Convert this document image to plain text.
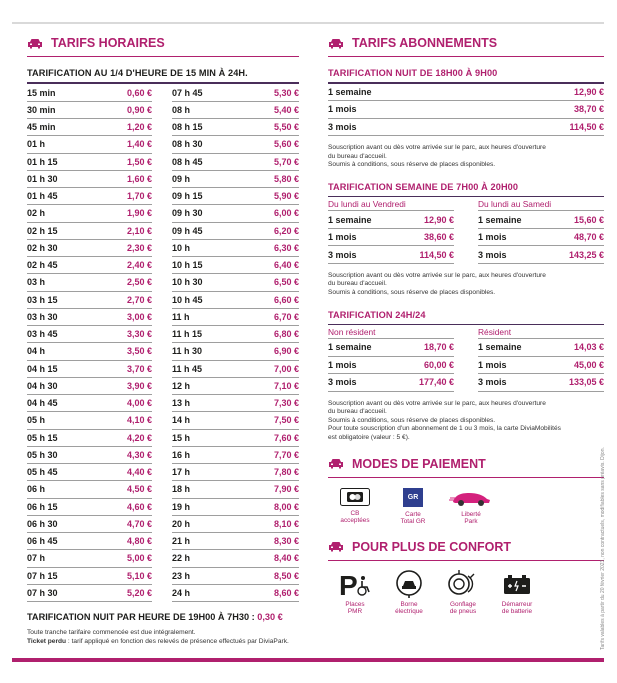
TARIFS HORAIRES
TARIFICATION AU 1/4 D'HEURE DE 15 MIN À 24H.
15 min	0,60 €
30 min	0,90 €
45 min	1,20 €
01 h	1,40 €
01 h 15	1,50 €
01 h 30	1,60 €
01 h 45	1,70 €
02 h	1,90 €
02 h 15	2,10 €
02 h 30	2,30 €
02 h 45	2,40 €
03 h	2,50 €
03 h 15	2,70 €
03 h 30	3,00 €
03 h 45	3,30 €
04 h	3,50 €
04 h 15	3,70 €
04 h 30	3,90 €
04 h 45	4,00 €
05 h	4,10 €
05 h 15	4,20 €
05 h 30	4,30 €
05 h 45	4,40 €
06 h	4,50 €
06 h 15	4,60 €
06 h 30	4,70 €
06 h 45	4,80 €
07 h	5,00 €
07 h 15	5,10 €
07 h 30	5,20 €
07 h 45	5,30 €
08 h	5,40 €
08 h 15	5,50 €
08 h 30	5,60 €
08 h 45	5,70 €
09 h	5,80 €
09 h 15	5,90 €
09 h 30	6,00 €
09 h 45	6,20 €
10 h	6,30 €
10 h 15	6,40 €
10 h 30	6,50 €
10 h 45	6,60 €
11 h	6,70 €
11 h 15	6,80 €
11 h 30	6,90 €
11 h 45	7,00 €
12 h	7,10 €
13 h	7,30 €
14 h	7,50 €
15 h	7,60 €
16 h	7,70 €
17 h	7,80 €
18 h	7,90 €
19 h	8,00 €
20 h	8,10 €
21 h	8,30 €
22 h	8,40 €
23 h	8,50 €
24 h	8,60 €
TARIFICATION NUIT PAR HEURE DE 19H00 À 7H30 : 0,30 €
Toute tranche tarifaire commencée est due intégralement.
Ticket perdu : tarif appliqué en fonction des relevés de présence effectués par DiviaPark.
TARIFS ABONNEMENTS
TARIFICATION NUIT DE 18H00 À 9H00
1 semaine	12,90 €
1 mois	38,70 €
3 mois	114,50 €
Souscription avant ou dès votre arrivée sur le parc, aux heures d'ouverture
du bureau d'accueil.
Soumis à conditions, sous réserve de places disponibles.
TARIFICATION SEMAINE DE 7H00 À 20H00
Du lundi au Vendredi
1 semaine	12,90 €
1 mois	38,60 €
3 mois	114,50 €
Du lundi au Samedi
1 semaine	15,60 €
1 mois	48,70 €
3 mois	143,25 €
Souscription avant ou dès votre arrivée sur le parc, aux heures d'ouverture
du bureau d'accueil.
Soumis à conditions, sous réserve de places disponibles.
TARIFICATION 24H/24
Non résident
1 semaine	18,70 €
1 mois	60,00 €
3 mois	177,40 €
Résident
1 semaine	14,03 €
1 mois	45,00 €
3 mois	133,05 €
Souscription avant ou dès votre arrivée sur le parc, aux heures d'ouverture
du bureau d'accueil.
Soumis à conditions, sous réserve de places disponibles.
Pour toute souscription d'un abonnement de 1 ou 3 mois, la carte DiviaMobilités
est obligatoire (valeur : 5 €).
MODES DE PAIEMENT
CB
acceptées
GR
Carte
Total GR
Liberté
Park
POUR PLUS DE CONFORT
P
Places
PMR
Borne
électrique
Gonflage
de pneus
Démarreur
de batterie	Tarifs valables à partir du 20 février 2023, non contractuels, modifiables sans préavis. Dijon.
